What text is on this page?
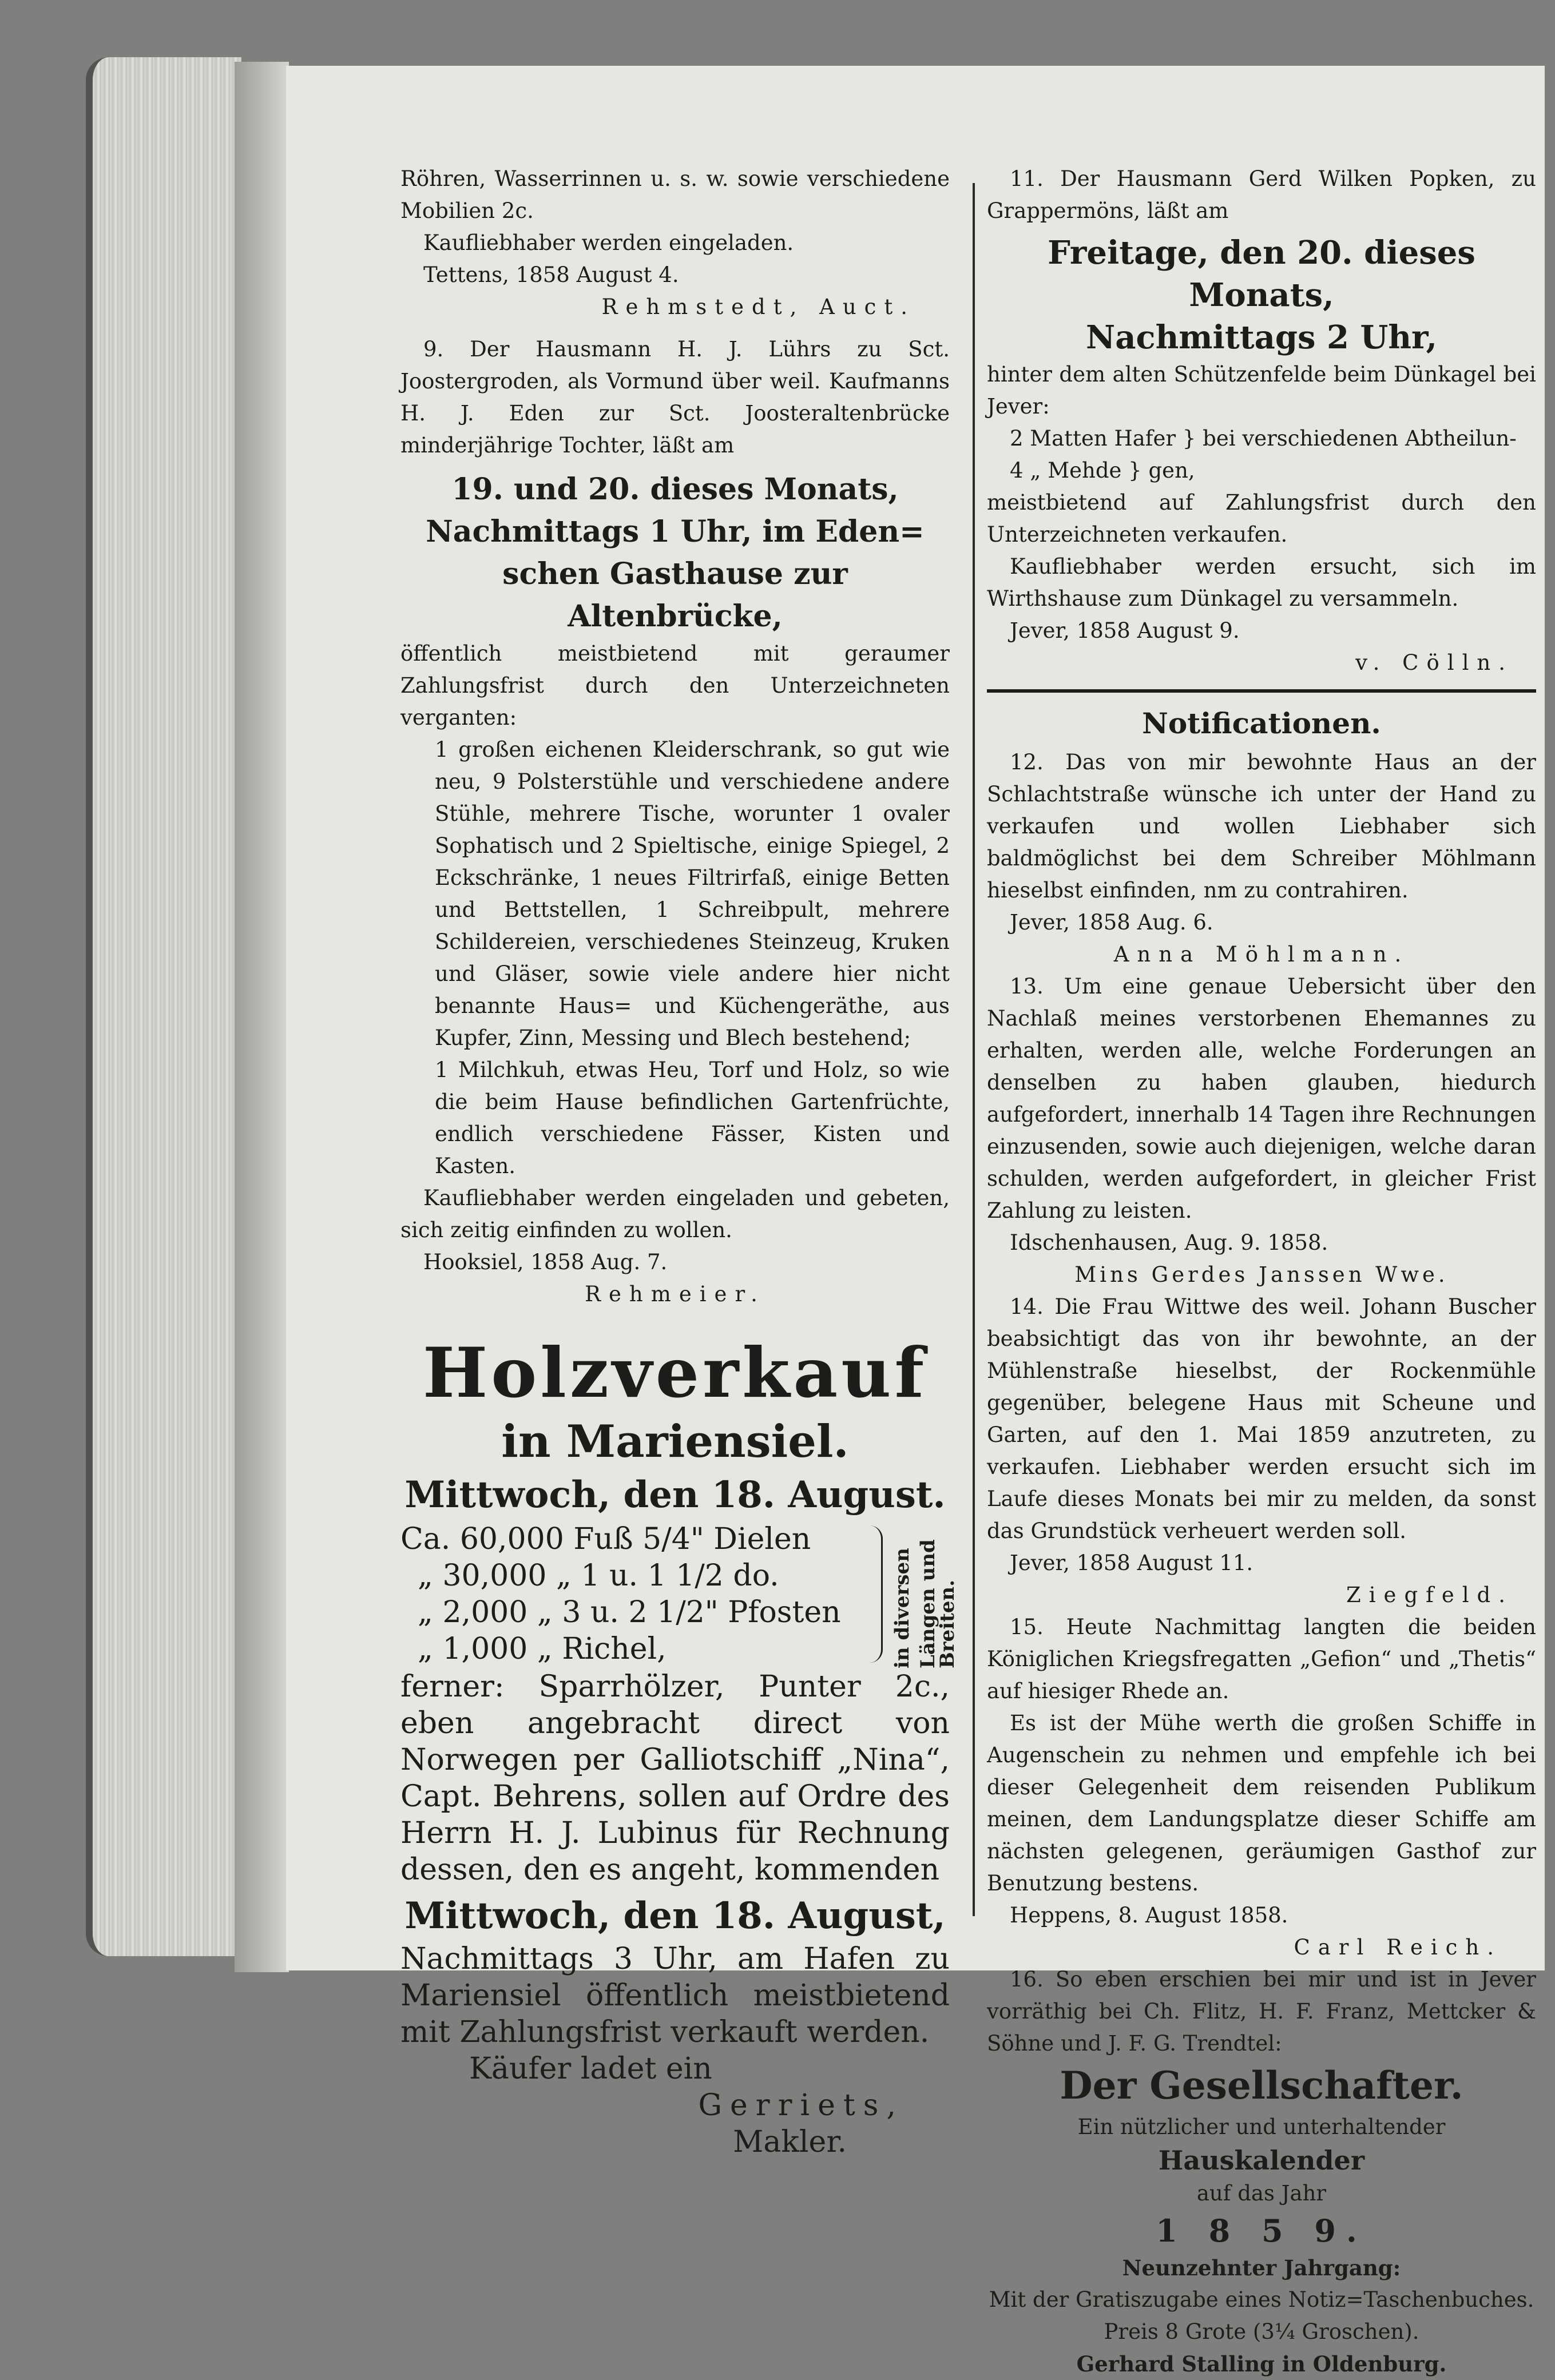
Röhren, Wasserrinnen u. s. w. sowie verschiedene Mobilien 2c.

Kaufliebhaber werden eingeladen.

Tettens, 1858 August 4.

Rehmstedt, Auct.

9. Der Hausmann H. J. Lührs zu Sct. Joostergroden, als Vormund über weil. Kaufmanns H. J. Eden zur Sct. Joosteraltenbrücke minderjährige Tochter, läßt am

19. und 20. dieses Monats,

Nachmittags 1 Uhr, im Eden=

schen Gasthause zur Altenbrücke,

öffentlich meistbietend mit geraumer Zahlungsfrist durch den Unterzeichneten verganten:

1 großen eichenen Kleiderschrank, so gut wie neu, 9 Polsterstühle und verschiedene andere Stühle, mehrere Tische, worunter 1 ovaler Sophatisch und 2 Spieltische, einige Spiegel, 2 Eckschränke, 1 neues Filtrirfaß, einige Betten und Bettstellen, 1 Schreibpult, mehrere Schildereien, verschiedenes Steinzeug, Kruken und Gläser, sowie viele andere hier nicht benannte Haus= und Küchengeräthe, aus Kupfer, Zinn, Messing und Blech bestehend;

1 Milchkuh, etwas Heu, Torf und Holz, so wie die beim Hause befindlichen Gartenfrüchte, endlich verschiedene Fässer, Kisten und Kasten.

Kaufliebhaber werden eingeladen und gebeten, sich zeitig einfinden zu wollen.

Hooksiel, 1858 Aug. 7.

Rehmeier.

Holzverkauf

in Mariensiel.

Mittwoch, den 18. August.

Ca. 60,000 Fuß 5/4" Dielen

„ 30,000 „ 1 u. 1 1/2 do.

„ 2,000 „ 3 u. 2 1/2" Pfosten

„ 1,000 „ Richel,	in diversen Längen und Breiten.

ferner: Sparrhölzer, Punter 2c., eben angebracht direct von Norwegen per Galliotschiff „Nina“, Capt. Behrens, sollen auf Ordre des Herrn H. J. Lubinus für Rechnung dessen, den es angeht, kommenden

Mittwoch, den 18. August,

Nachmittags 3 Uhr, am Hafen zu Mariensiel öffentlich meistbietend mit Zahlungsfrist verkauft werden.

Käufer ladet ein

Gerriets,

Makler.

11. Der Hausmann Gerd Wilken Popken, zu Grappermöns, läßt am

Freitage, den 20. dieses Monats,

Nachmittags 2 Uhr,

hinter dem alten Schützenfelde beim Dünkagel bei Jever:

2 Matten Hafer } bei verschiedenen Abtheilun-

4 „ Mehde } gen,

meistbietend auf Zahlungsfrist durch den Unterzeichneten verkaufen.

Kaufliebhaber werden ersucht, sich im Wirthshause zum Dünkagel zu versammeln.

Jever, 1858 August 9.

v. Cölln.

Notificationen.

12. Das von mir bewohnte Haus an der Schlachtstraße wünsche ich unter der Hand zu verkaufen und wollen Liebhaber sich baldmöglichst bei dem Schreiber Möhlmann hieselbst einfinden, nm zu contrahiren.

Jever, 1858 Aug. 6.

Anna Möhlmann.

13. Um eine genaue Uebersicht über den Nachlaß meines verstorbenen Ehemannes zu erhalten, werden alle, welche Forderungen an denselben zu haben glauben, hiedurch aufgefordert, innerhalb 14 Tagen ihre Rechnungen einzusenden, sowie auch diejenigen, welche daran schulden, werden aufgefordert, in gleicher Frist Zahlung zu leisten.

Idschenhausen, Aug. 9. 1858.

Mins Gerdes Janssen Wwe.

14. Die Frau Wittwe des weil. Johann Buscher beabsichtigt das von ihr bewohnte, an der Mühlenstraße hieselbst, der Rockenmühle gegenüber, belegene Haus mit Scheune und Garten, auf den 1. Mai 1859 anzutreten, zu verkaufen. Liebhaber werden ersucht sich im Laufe dieses Monats bei mir zu melden, da sonst das Grundstück verheuert werden soll.

Jever, 1858 August 11.

Ziegfeld.

15. Heute Nachmittag langten die beiden Königlichen Kriegsfregatten „Gefion“ und „Thetis“ auf hiesiger Rhede an.

Es ist der Mühe werth die großen Schiffe in Augenschein zu nehmen und empfehle ich bei dieser Gelegenheit dem reisenden Publikum meinen, dem Landungsplatze dieser Schiffe am nächsten gelegenen, geräumigen Gasthof zur Benutzung bestens.

Heppens, 8. August 1858.

Carl Reich.

16. So eben erschien bei mir und ist in Jever vorräthig bei Ch. Flitz, H. F. Franz, Mettcker & Söhne und J. F. G. Trendtel:

Der Gesellschafter.

Ein nützlicher und unterhaltender

Hauskalender

auf das Jahr

1 8 5 9.

Neunzehnter Jahrgang:

Mit der Gratiszugabe eines Notiz=Taschenbuches.

Preis 8 Grote (3¼ Groschen).

Gerhard Stalling in Oldenburg.
